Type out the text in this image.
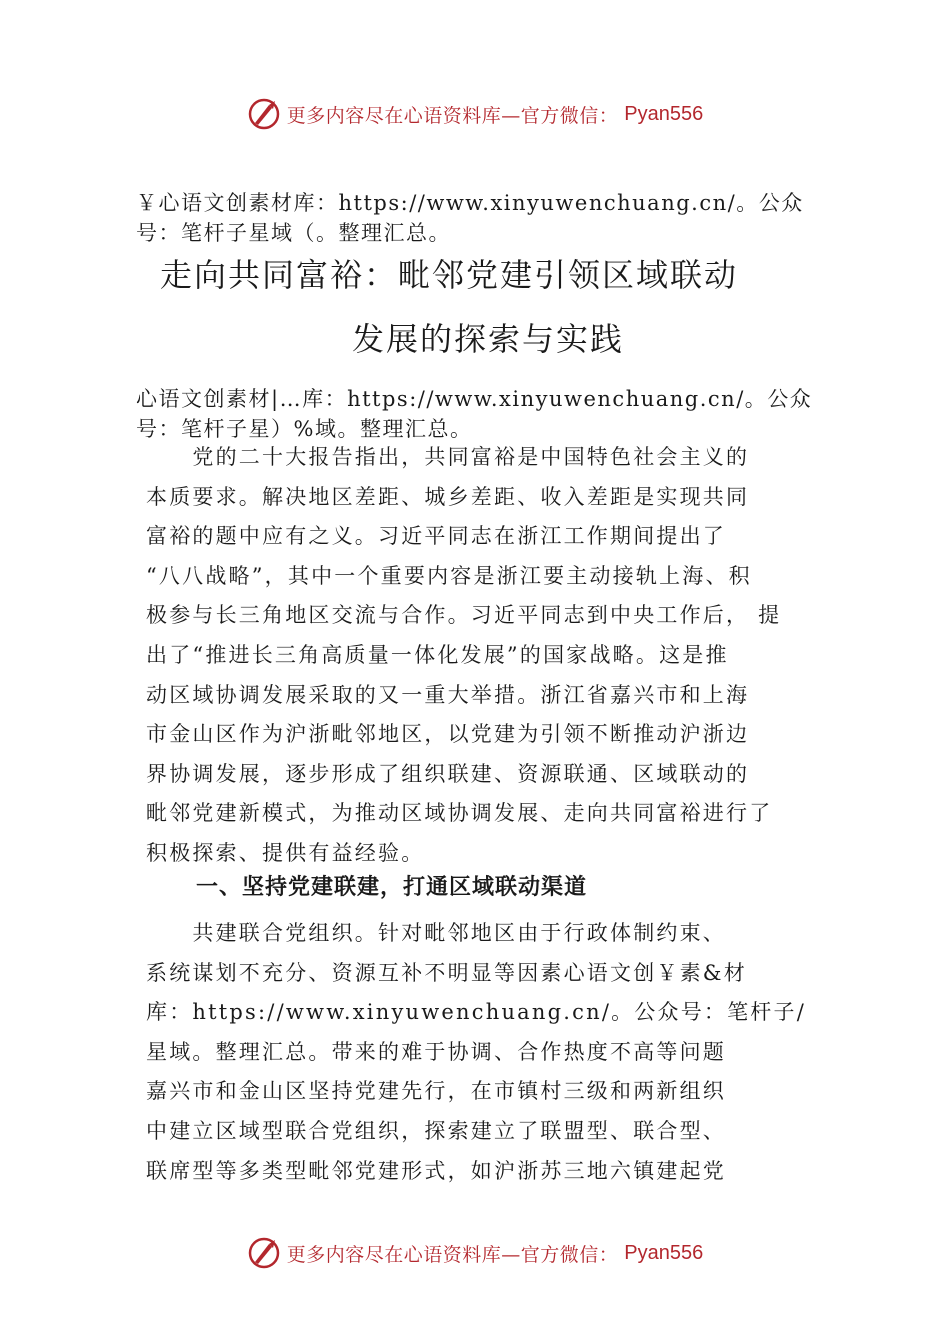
更多内容尽在心语资料库—官方微信： Pyan556
￥心语文创素材库：https://www.xinyuwenchuang.cn/。公众
号：笔杆子星域（。整理汇总。
走向共同富裕：毗邻党建引领区域联动
发展的探索与实践
心语文创素材|…库：https://www.xinyuwenchuang.cn/。公众
号：笔杆子星）%域。整理汇总。
　　党的二十大报告指出，共同富裕是中国特色社会主义的
本质要求。解决地区差距、城乡差距、收入差距是实现共同
富裕的题中应有之义。习近平同志在浙江工作期间提出了
“八八战略”，其中一个重要内容是浙江要主动接轨上海、积
极参与长三角地区交流与合作。习近平同志到中央工作后， 提
出了“推进长三角高质量一体化发展”的国家战略。这是推
动区域协调发展采取的又一重大举措。浙江省嘉兴市和上海
市金山区作为沪浙毗邻地区，以党建为引领不断推动沪浙边
界协调发展，逐步形成了组织联建、资源联通、区域联动的
毗邻党建新模式，为推动区域协调发展、走向共同富裕进行了
积极探索、提供有益经验。
一、坚持党建联建，打通区域联动渠道
　　共建联合党组织。针对毗邻地区由于行政体制约束、
系统谋划不充分、资源互补不明显等因素心语文创￥素&材
库：https://www.xinyuwenchuang.cn/。公众号：笔杆子/
星域。整理汇总。带来的难于协调、合作热度不高等问题
嘉兴市和金山区坚持党建先行，在市镇村三级和两新组织
中建立区域型联合党组织，探索建立了联盟型、联合型、
联席型等多类型毗邻党建形式，如沪浙苏三地六镇建起党
更多内容尽在心语资料库—官方微信： Pyan556
